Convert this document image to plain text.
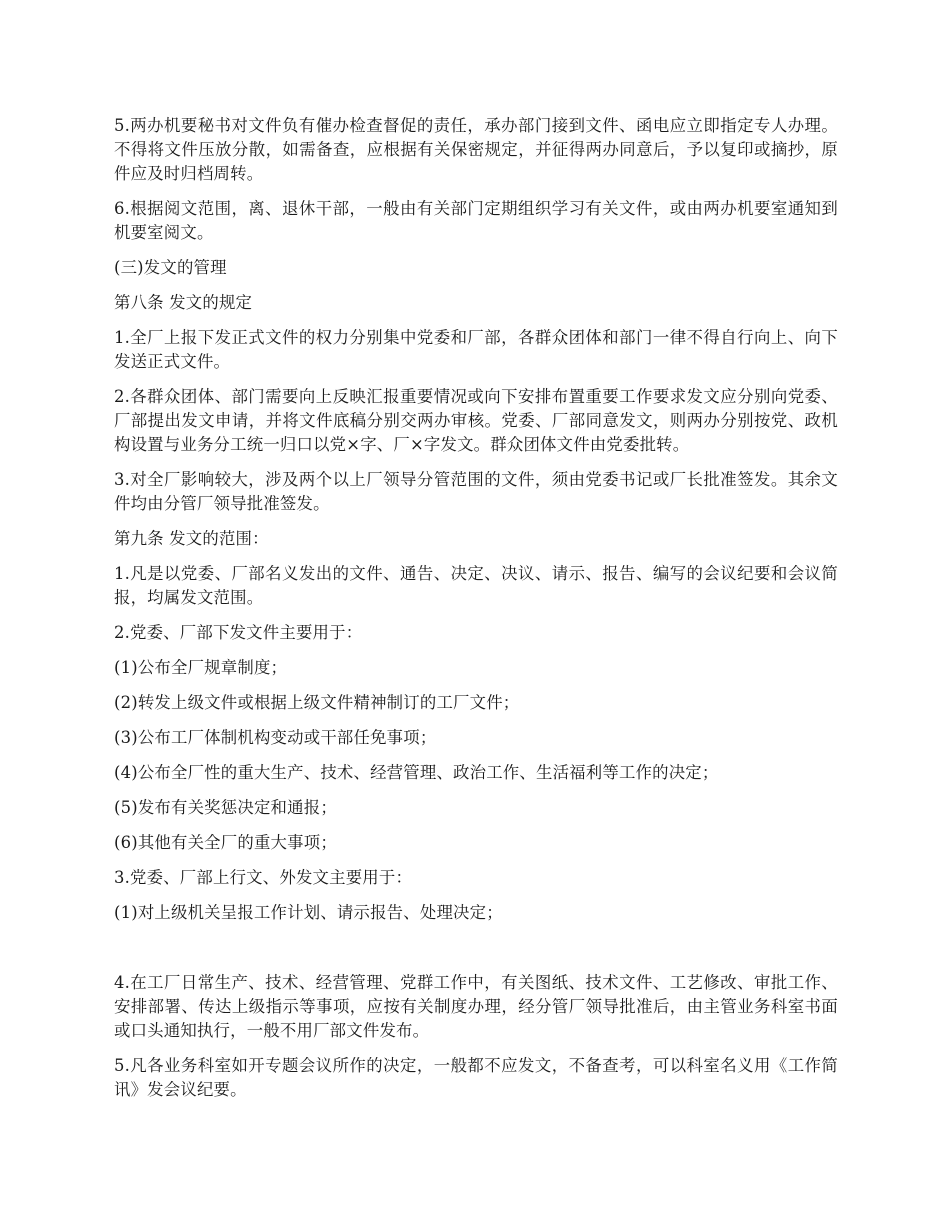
5.两办机要秘书对文件负有催办检查督促的责任，承办部门接到文件、函电应立即指定专人办理。不得将文件压放分散，如需备查，应根据有关保密规定，并征得两办同意后，予以复印或摘抄，原件应及时归档周转。

6.根据阅文范围，离、退休干部，一般由有关部门定期组织学习有关文件，或由两办机要室通知到机要室阅文。

(三)发文的管理

第八条 发文的规定

1.全厂上报下发正式文件的权力分别集中党委和厂部，各群众团体和部门一律不得自行向上、向下发送正式文件。

2.各群众团体、部门需要向上反映汇报重要情况或向下安排布置重要工作要求发文应分别向党委、厂部提出发文申请，并将文件底稿分别交两办审核。党委、厂部同意发文，则两办分别按党、政机构设置与业务分工统一归口以党×字、厂×字发文。群众团体文件由党委批转。

3.对全厂影响较大，涉及两个以上厂领导分管范围的文件，须由党委书记或厂长批准签发。其余文件均由分管厂领导批准签发。

第九条 发文的范围：

1.凡是以党委、厂部名义发出的文件、通告、决定、决议、请示、报告、编写的会议纪要和会议简报，均属发文范围。

2.党委、厂部下发文件主要用于：

(1)公布全厂规章制度；

(2)转发上级文件或根据上级文件精神制订的工厂文件；

(3)公布工厂体制机构变动或干部任免事项；

(4)公布全厂性的重大生产、技术、经营管理、政治工作、生活福利等工作的决定；

(5)发布有关奖惩决定和通报；

(6)其他有关全厂的重大事项；

3.党委、厂部上行文、外发文主要用于：

(1)对上级机关呈报工作计划、请示报告、处理决定；

4.在工厂日常生产、技术、经营管理、党群工作中，有关图纸、技术文件、工艺修改、审批工作、安排部署、传达上级指示等事项，应按有关制度办理，经分管厂领导批准后，由主管业务科室书面或口头通知执行，一般不用厂部文件发布。

5.凡各业务科室如开专题会议所作的决定，一般都不应发文，不备查考，可以科室名义用《工作简讯》发会议纪要。
